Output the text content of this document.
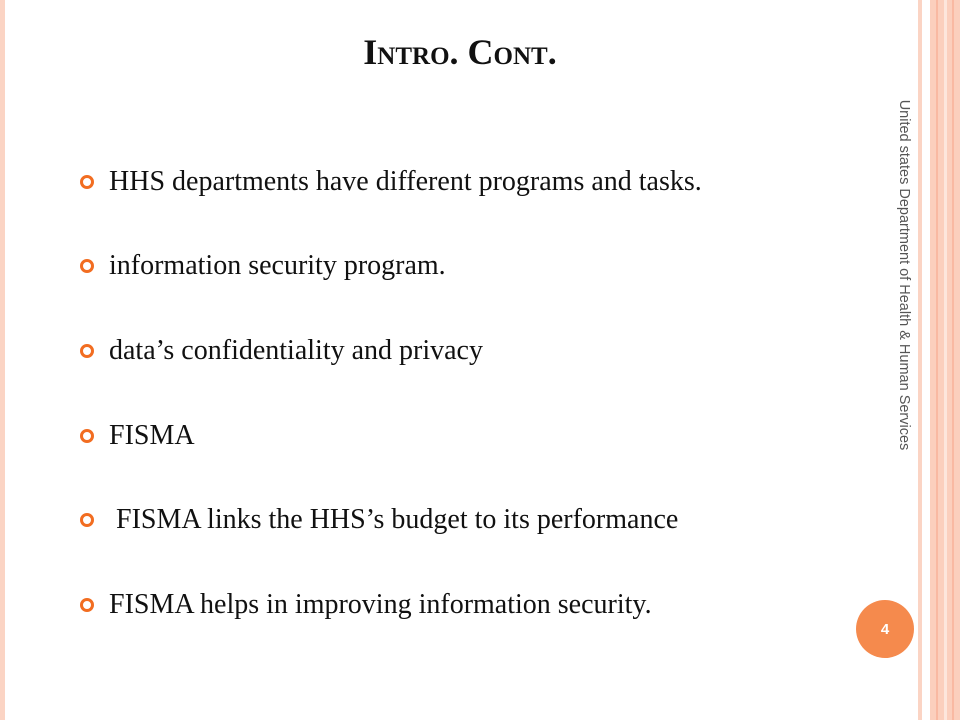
Intro. Cont.
HHS departments have different programs and tasks.
information security program.
data’s confidentiality and privacy
FISMA
FISMA links the HHS’s budget to its performance
FISMA helps in improving information security.
United states Department of Health & Human Services
4
